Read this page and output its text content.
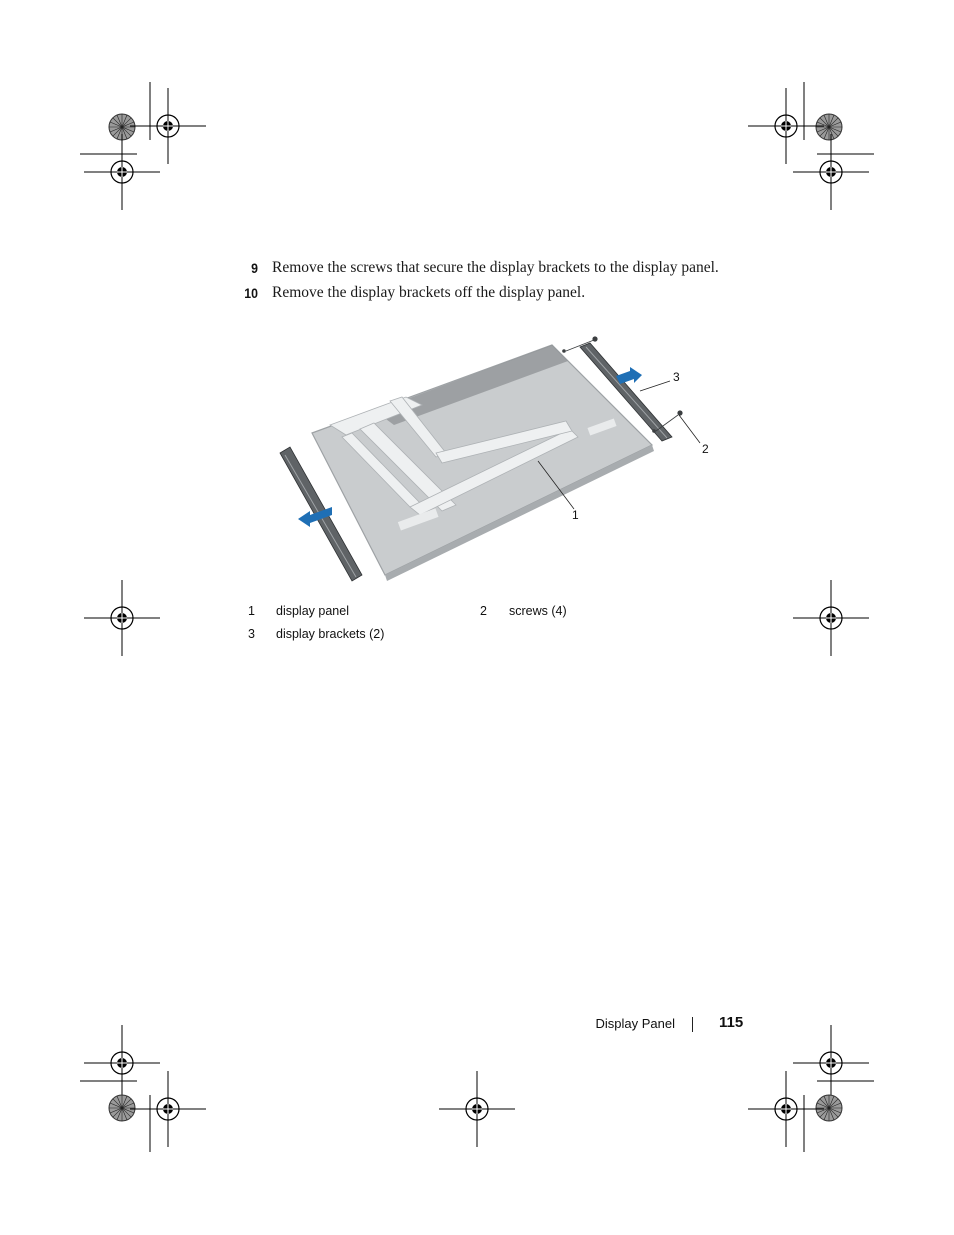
9 Remove the screws that secure the display brackets to the display panel.
10 Remove the display brackets off the display panel.
1
2
3
1	display panel	2	screws (4)
3	display brackets (2)
Display Panel	115
